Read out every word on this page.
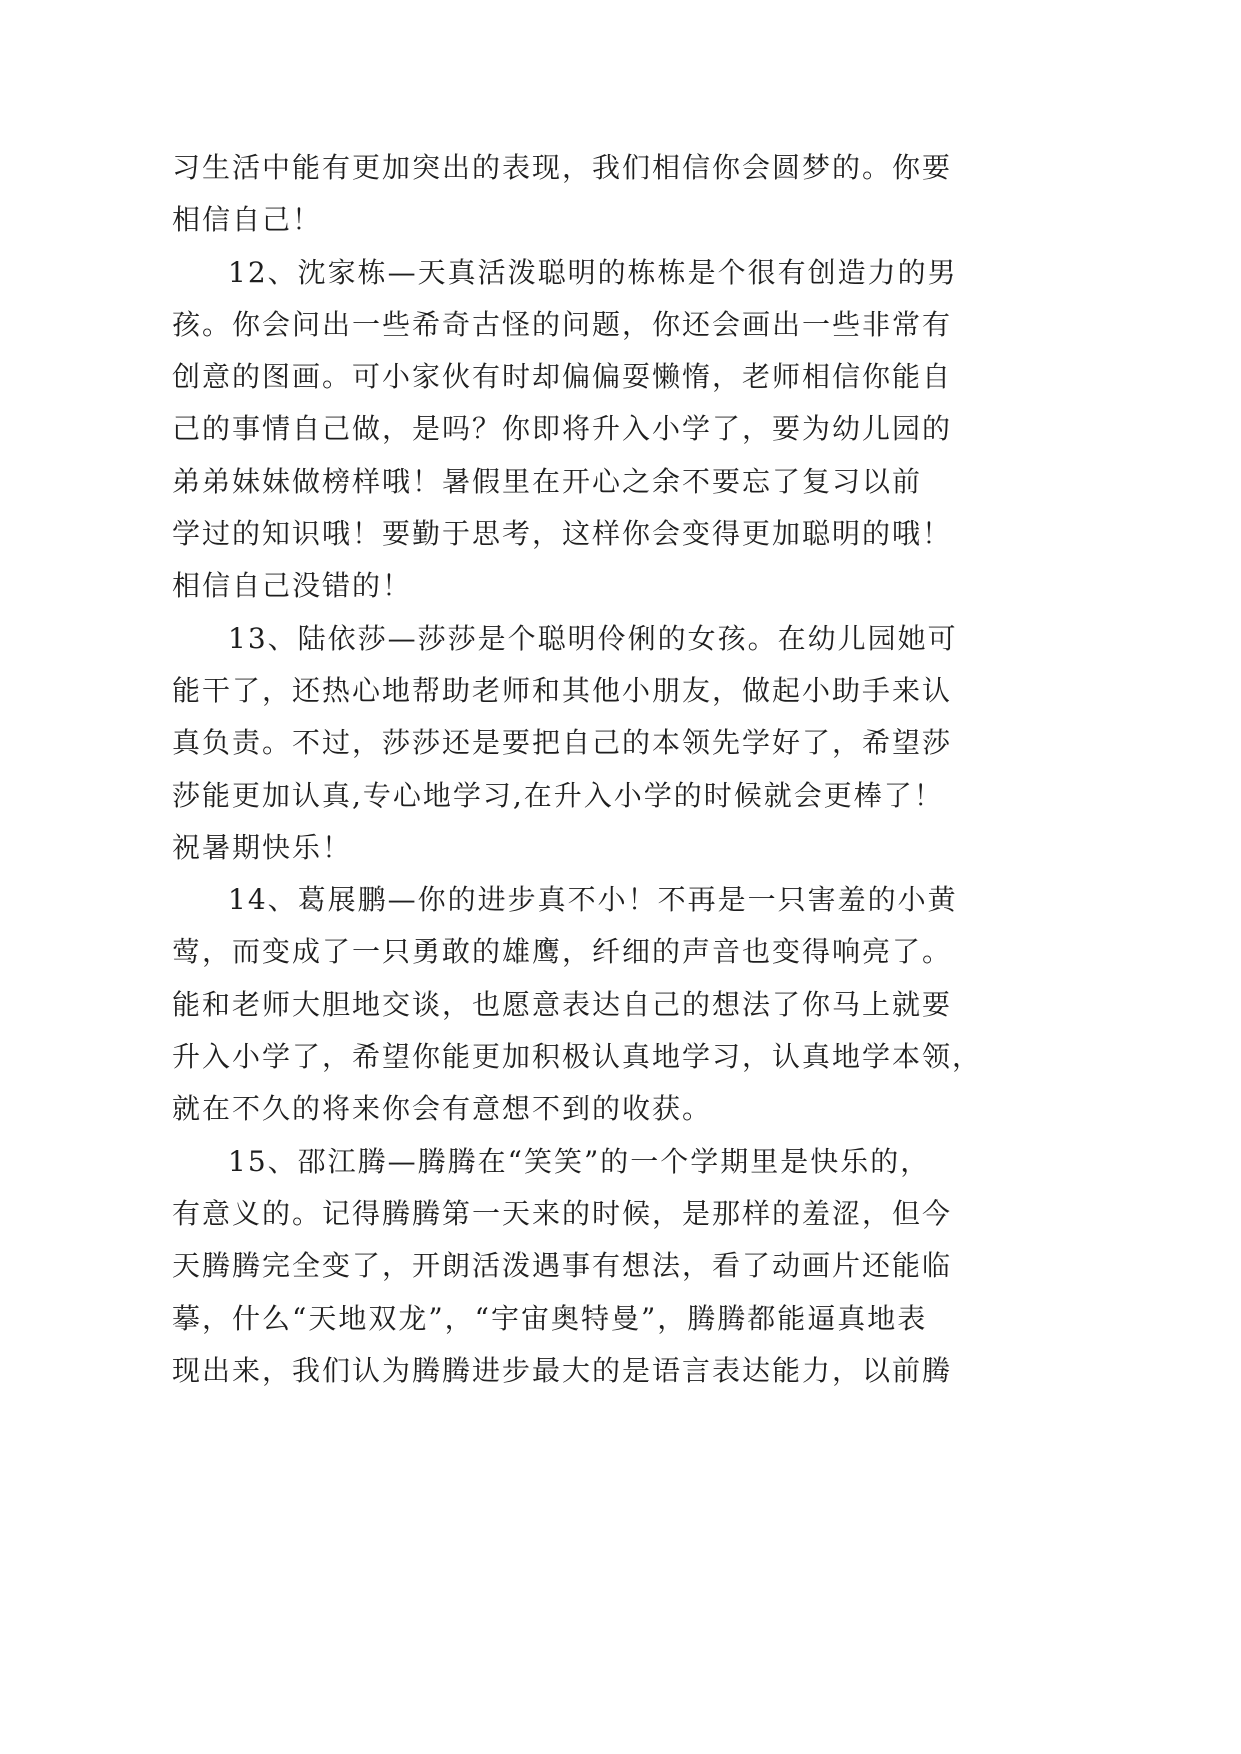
习生活中能有更加突出的表现，我们相信你会圆梦的。你要
相信自己！
12、沈家栋—天真活泼聪明的栋栋是个很有创造力的男
孩。你会问出一些希奇古怪的问题，你还会画出一些非常有
创意的图画。可小家伙有时却偏偏耍懒惰，老师相信你能自
己的事情自己做，是吗？你即将升入小学了，要为幼儿园的
弟弟妹妹做榜样哦！暑假里在开心之余不要忘了复习以前
学过的知识哦！要勤于思考，这样你会变得更加聪明的哦！
相信自己没错的！
13、陆依莎—莎莎是个聪明伶俐的女孩。在幼儿园她可
能干了，还热心地帮助老师和其他小朋友，做起小助手来认
真负责。不过，莎莎还是要把自己的本领先学好了，希望莎
莎能更加认真,专心地学习,在升入小学的时候就会更棒了！
祝暑期快乐！
14、葛展鹏—你的进步真不小！不再是一只害羞的小黄
莺，而变成了一只勇敢的雄鹰，纤细的声音也变得响亮了。
能和老师大胆地交谈，也愿意表达自己的想法了你马上就要
升入小学了，希望你能更加积极认真地学习，认真地学本领，
就在不久的将来你会有意想不到的收获。
15、邵江腾—腾腾在“笑笑”的一个学期里是快乐的，
有意义的。记得腾腾第一天来的时候，是那样的羞涩，但今
天腾腾完全变了，开朗活泼遇事有想法，看了动画片还能临
摹，什么“天地双龙”，“宇宙奥特曼”，腾腾都能逼真地表
现出来，我们认为腾腾进步最大的是语言表达能力，以前腾
